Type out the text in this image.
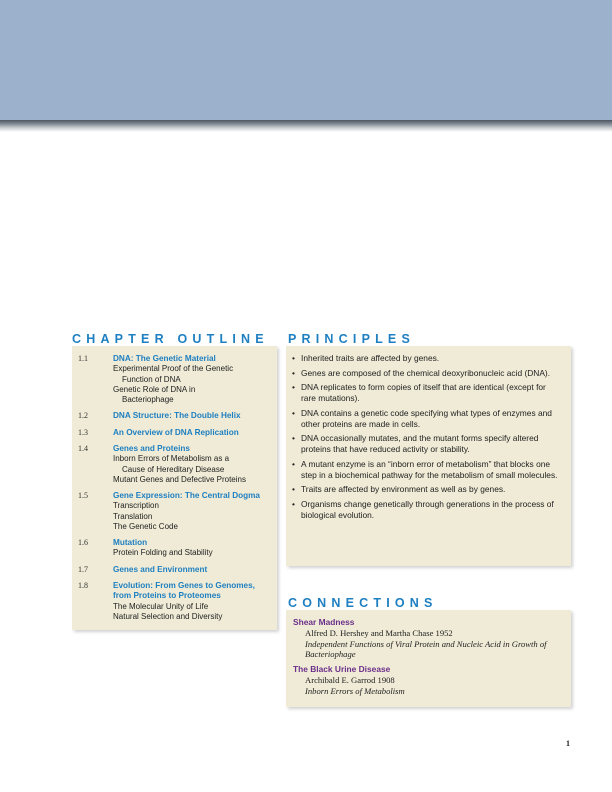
CHAPTER OUTLINE
1.1	DNA: The Genetic Material
Experimental Proof of the Genetic
Function of DNA
Genetic Role of DNA in
Bacteriophage
1.2	DNA Structure: The Double Helix
1.3	An Overview of DNA Replication
1.4	Genes and Proteins
Inborn Errors of Metabolism as a
Cause of Hereditary Disease
Mutant Genes and Defective Proteins
1.5	Gene Expression: The Central Dogma
Transcription
Translation
The Genetic Code
1.6	Mutation
Protein Folding and Stability
1.7	Genes and Environment
1.8	Evolution: From Genes to Genomes, from Proteins to Proteomes
The Molecular Unity of Life
Natural Selection and Diversity
PRINCIPLES
• Inherited traits are affected by genes.
• Genes are composed of the chemical deoxyribonucleic acid (DNA).
• DNA replicates to form copies of itself that are identical (except for rare mutations).
• DNA contains a genetic code specifying what types of enzymes and other proteins are made in cells.
• DNA occasionally mutates, and the mutant forms specify altered proteins that have reduced activity or stability.
• A mutant enzyme is an “inborn error of metabolism” that blocks one step in a biochemical pathway for the metabolism of small molecules.
• Traits are affected by environment as well as by genes.
• Organisms change genetically through generations in the process of biological evolution.
CONNECTIONS
Shear Madness
Alfred D. Hershey and Martha Chase 1952
Independent Functions of Viral Protein and Nucleic Acid in Growth of Bacteriophage
The Black Urine Disease
Archibald E. Garrod 1908
Inborn Errors of Metabolism
1
